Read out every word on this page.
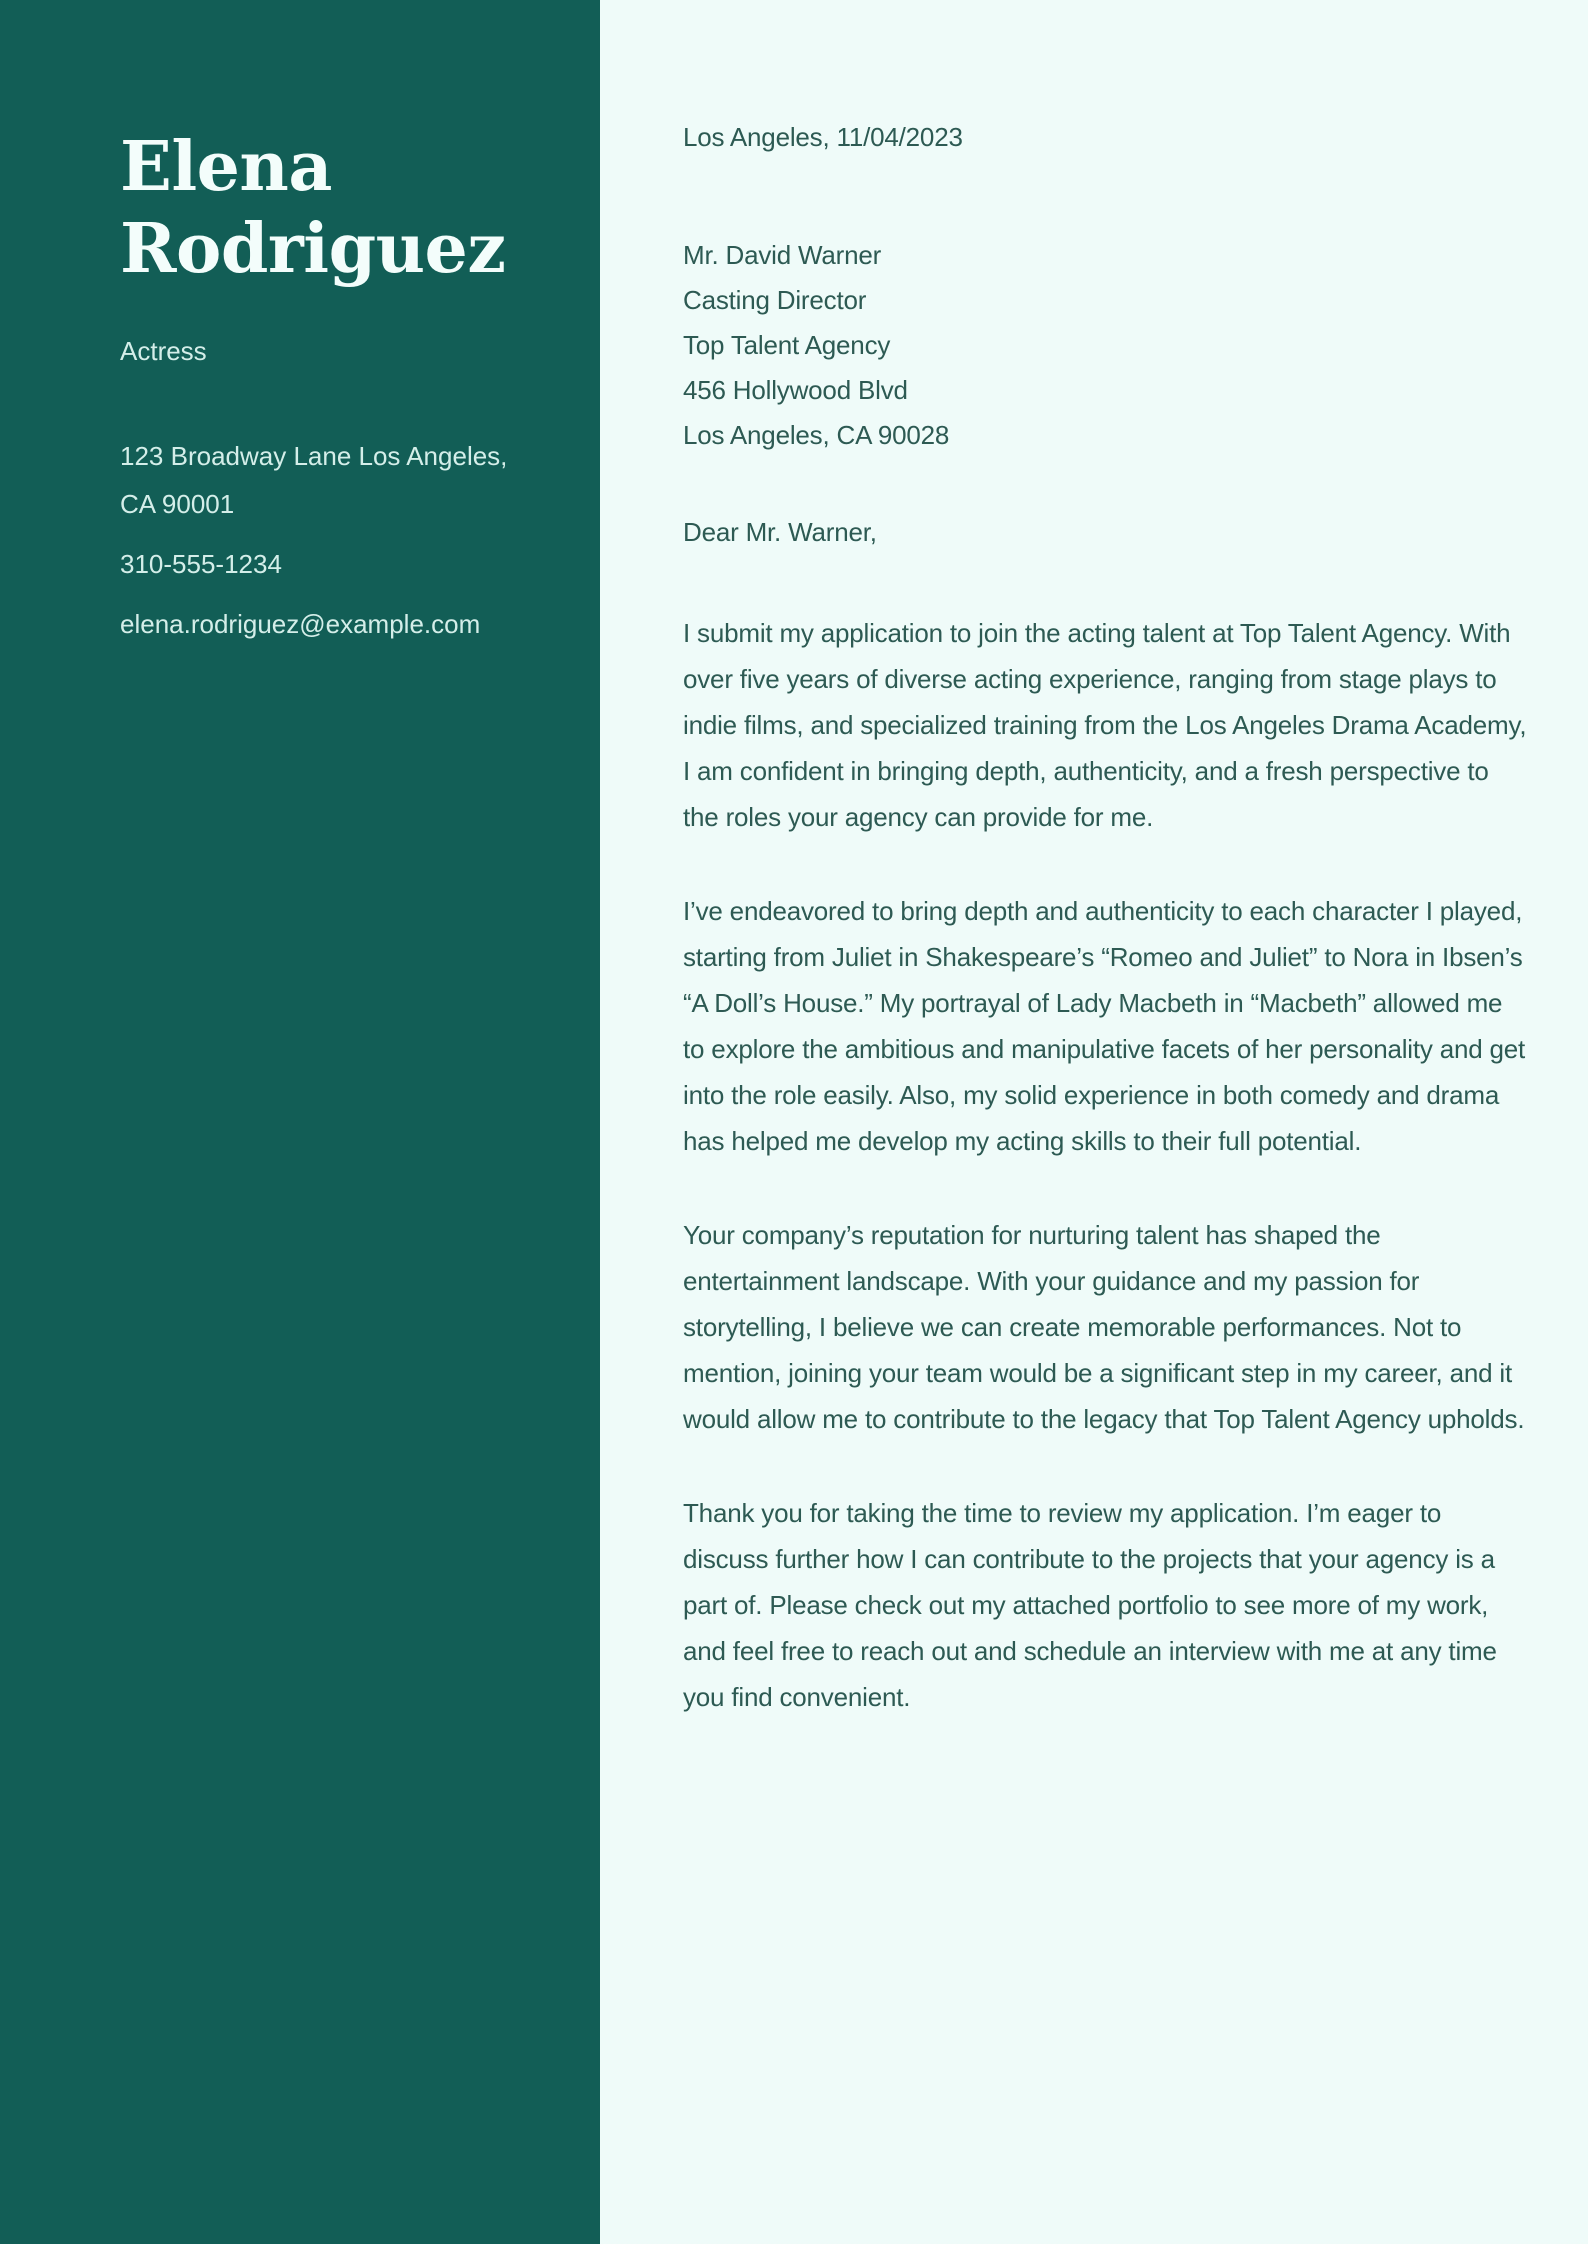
Elena
Rodriguez
Actress
123 Broadway Lane Los Angeles,
CA 90001
310-555-1234
elena.rodriguez@example.com
Los Angeles, 11/04/2023
Mr. David Warner
Casting Director
Top Talent Agency
456 Hollywood Blvd
Los Angeles, CA 90028
Dear Mr. Warner,

I submit my application to join the acting talent at Top Talent Agency. With over five years of diverse acting experience, ranging from stage plays to indie films, and specialized training from the Los Angeles Drama Academy, I am confident in bringing depth, authenticity, and a fresh perspective to the roles your agency can provide for me.

I’ve endeavored to bring depth and authenticity to each character I played, starting from Juliet in Shakespeare’s “Romeo and Juliet” to Nora in Ibsen’s “A Doll’s House.” My portrayal of Lady Macbeth in “Macbeth” allowed me to explore the ambitious and manipulative facets of her personality and get into the role easily. Also, my solid experience in both comedy and drama has helped me develop my acting skills to their full potential.

Your company’s reputation for nurturing talent has shaped the entertainment landscape. With your guidance and my passion for storytelling, I believe we can create memorable performances. Not to mention, joining your team would be a significant step in my career, and it would allow me to contribute to the legacy that Top Talent Agency upholds.

Thank you for taking the time to review my application. I’m eager to discuss further how I can contribute to the projects that your agency is a part of. Please check out my attached portfolio to see more of my work, and feel free to reach out and schedule an interview with me at any time you find convenient.
